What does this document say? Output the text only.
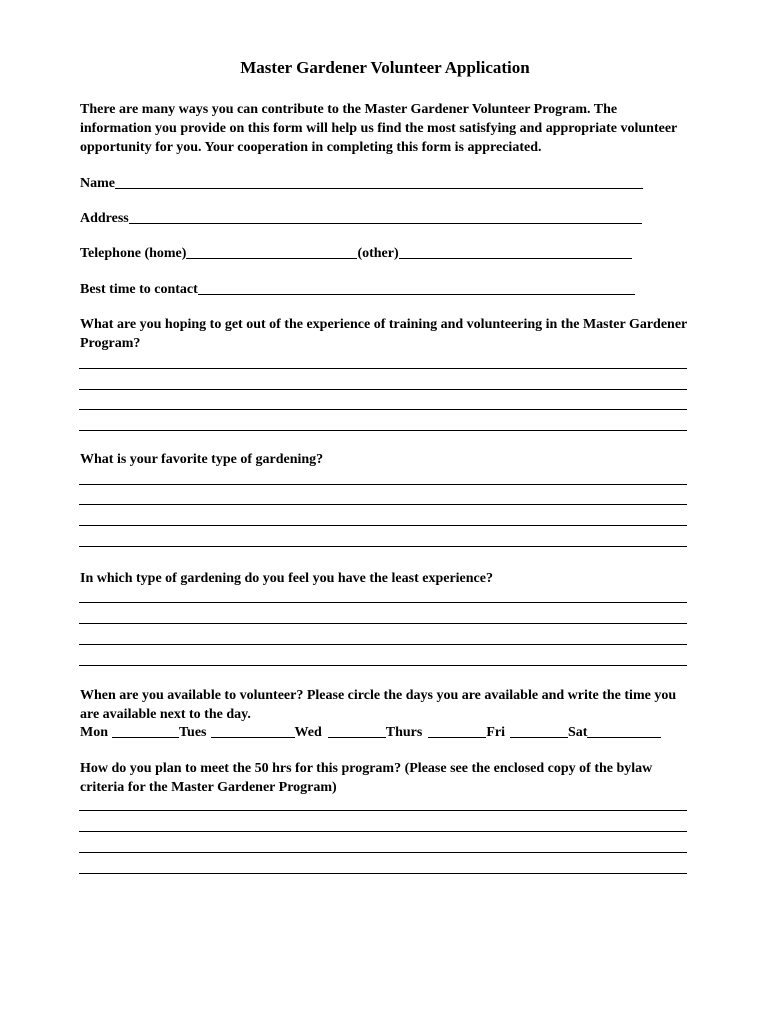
Master Gardener Volunteer Application
There are many ways you can contribute to the Master Gardener Volunteer Program. The information you provide on this form will help us find the most satisfying and appropriate volunteer opportunity for you. Your cooperation in completing this form is appreciated.
Name
Address
Telephone (home)	(other)
Best time to contact
What are you hoping to get out of the experience of training and volunteering in the Master Gardener Program?
What is your favorite type of gardening?
In which type of gardening do you feel you have the least experience?
When are you available to volunteer? Please circle the days you are available and write the time you are available next to the day.
Mon	Tues	Wed	Thurs	Fri	Sat
How do you plan to meet the 50 hrs for this program? (Please see the enclosed copy of the bylaw criteria for the Master Gardener Program)
